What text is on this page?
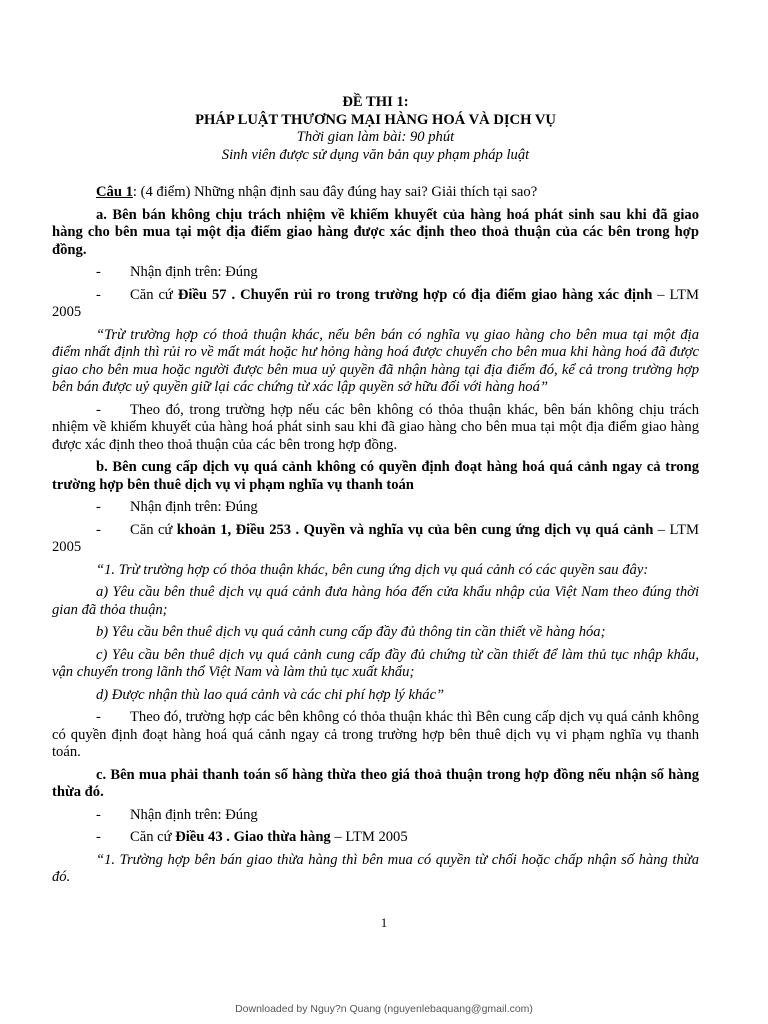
ĐỀ THI 1:

PHÁP LUẬT THƯƠNG MẠI HÀNG HOÁ VÀ DỊCH VỤ

Thời gian làm bài: 90 phút

Sinh viên được sử dụng văn bản quy phạm pháp luật

Câu 1: (4 điểm) Những nhận định sau đây đúng hay sai? Giải thích tại sao?

a. Bên bán không chịu trách nhiệm về khiếm khuyết của hàng hoá phát sinh sau khi đã giao hàng cho bên mua tại một địa điểm giao hàng được xác định theo thoả thuận của các bên trong hợp đồng.

- Nhận định trên: Đúng

- Căn cứ Điều 57 . Chuyển rủi ro trong trường hợp có địa điểm giao hàng xác định – LTM 2005

“Trừ trường hợp có thoả thuận khác, nếu bên bán có nghĩa vụ giao hàng cho bên mua tại một địa điểm nhất định thì rủi ro về mất mát hoặc hư hỏng hàng hoá được chuyển cho bên mua khi hàng hoá đã được giao cho bên mua hoặc người được bên mua uỷ quyền đã nhận hàng tại địa điểm đó, kể cả trong trường hợp bên bán được uỷ quyền giữ lại các chứng từ xác lập quyền sở hữu đối với hàng hoá”

- Theo đó, trong trường hợp nếu các bên không có thỏa thuận khác, bên bán không chịu trách nhiệm về khiếm khuyết của hàng hoá phát sinh sau khi đã giao hàng cho bên mua tại một địa điểm giao hàng được xác định theo thoả thuận của các bên trong hợp đồng.

b. Bên cung cấp dịch vụ quá cảnh không có quyền định đoạt hàng hoá quá cảnh ngay cả trong trường hợp bên thuê dịch vụ vi phạm nghĩa vụ thanh toán

- Nhận định trên: Đúng

- Căn cứ khoản 1, Điều 253 . Quyền và nghĩa vụ của bên cung ứng dịch vụ quá cảnh – LTM 2005

“1. Trừ trường hợp có thỏa thuận khác, bên cung ứng dịch vụ quá cảnh có các quyền sau đây:

a) Yêu cầu bên thuê dịch vụ quá cảnh đưa hàng hóa đến cửa khẩu nhập của Việt Nam theo đúng thời gian đã thỏa thuận;

b) Yêu cầu bên thuê dịch vụ quá cảnh cung cấp đầy đủ thông tin cần thiết về hàng hóa;

c) Yêu cầu bên thuê dịch vụ quá cảnh cung cấp đầy đủ chứng từ cần thiết để làm thủ tục nhập khẩu, vận chuyển trong lãnh thổ Việt Nam và làm thủ tục xuất khẩu;

d) Được nhận thù lao quá cảnh và các chi phí hợp lý khác”

- Theo đó, trường hợp các bên không có thỏa thuận khác thì Bên cung cấp dịch vụ quá cảnh không có quyền định đoạt hàng hoá quá cảnh ngay cả trong trường hợp bên thuê dịch vụ vi phạm nghĩa vụ thanh toán.

c. Bên mua phải thanh toán số hàng thừa theo giá thoả thuận trong hợp đồng nếu nhận số hàng thừa đó.

- Nhận định trên: Đúng

- Căn cứ Điều 43 . Giao thừa hàng – LTM 2005

“1. Trường hợp bên bán giao thừa hàng thì bên mua có quyền từ chối hoặc chấp nhận số hàng thừa đó.

1
Downloaded by Nguy?n Quang (nguyenlebaquang@gmail.com)
